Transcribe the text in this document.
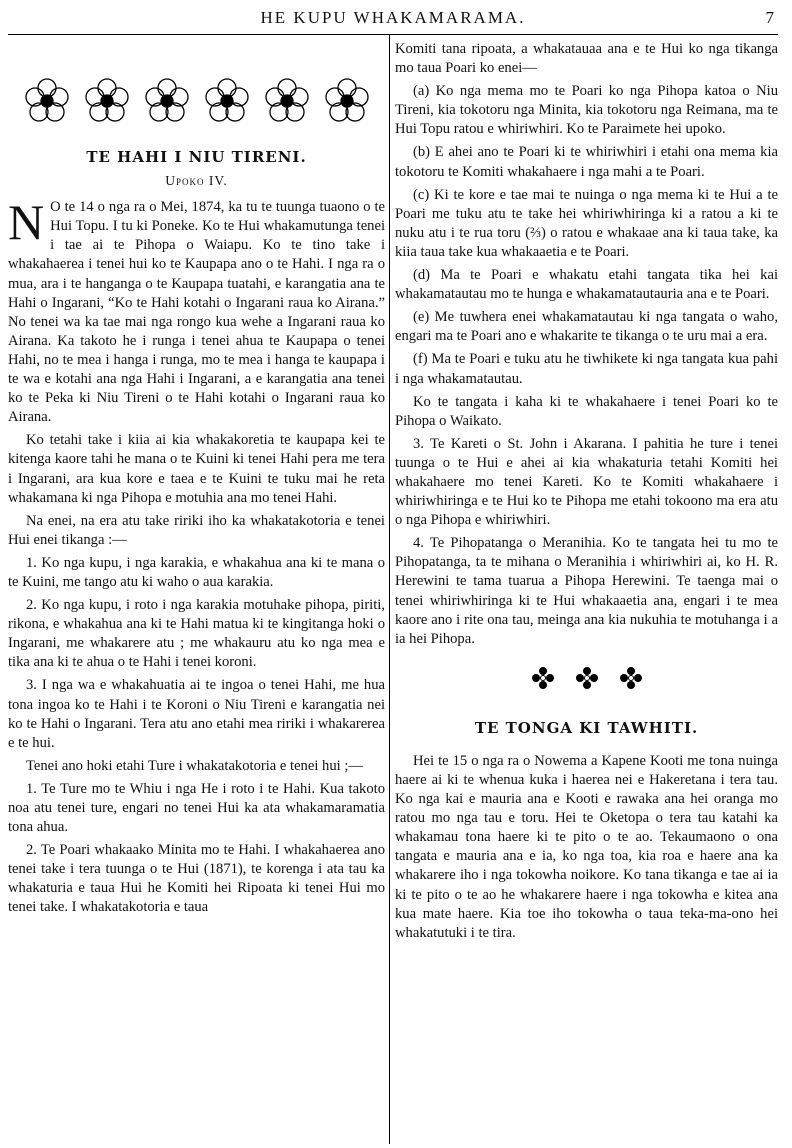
HE KUPU WHAKAMARAMA.	7
TE HAHI I NIU TIRENI.
Upoko IV.

N O te 14 o nga ra o Mei, 1874, ka tu te tuunga tuaono o te Hui Topu. I tu ki Poneke. Ko te Hui whakamutunga tenei i tae ai te Pihopa o Waiapu. Ko te tino take i whakahaerea i tenei hui ko te Kaupapa ano o te Hahi. I nga ra o mua, ara i te hanganga o te Kaupapa tuatahi, e karangatia ana te Hahi o Ingarani, “Ko te Hahi kotahi o Ingarani raua ko Airana.” No tenei wa ka tae mai nga rongo kua wehe a Ingarani raua ko Airana. Ka takoto he i runga i tenei ahua te Kaupapa o tenei Hahi, no te mea i hanga i runga, mo te mea i hanga te kaupapa i te wa e kotahi ana nga Hahi i Ingarani, a e karangatia ana tenei ko te Peka ki Niu Tireni o te Hahi kotahi o Ingarani raua ko Airana.

Ko tetahi take i kiia ai kia whakakoretia te kaupapa kei te kitenga kaore tahi he mana o te Kuini ki tenei Hahi pera me tera i Ingarani, ara kua kore e taea e te Kuini te tuku mai he reta whakamana ki nga Pihopa e motuhia ana mo tenei Hahi.

Na enei, na era atu take ririki iho ka whakatakotoria e tenei Hui enei tikanga :—

1. Ko nga kupu, i nga karakia, e whakahua ana ki te mana o te Kuini, me tango atu ki waho o aua karakia.

2. Ko nga kupu, i roto i nga karakia motuhake pihopa, piriti, rikona, e whakahua ana ki te Hahi matua ki te kingitanga hoki o Ingarani, me whakarere atu ; me whakauru atu ko nga mea e tika ana ki te ahua o te Hahi i tenei koroni.

3. I nga wa e whakahuatia ai te ingoa o tenei Hahi, me hua tona ingoa ko te Hahi i te Koroni o Niu Tireni e karangatia nei ko te Hahi o Ingarani. Tera atu ano etahi mea ririki i whakarerea e te hui.

Tenei ano hoki etahi Ture i whakatakotoria e tenei hui ;—

1. Te Ture mo te Whiu i nga He i roto i te Hahi. Kua takoto noa atu tenei ture, engari no tenei Hui ka ata whakamaramatia tona ahua.

2. Te Poari whakaako Minita mo te Hahi. I whakahaerea ano tenei take i tera tuunga o te Hui (1871), te korenga i ata tau ka whakaturia e taua Hui he Komiti hei Ripoata ki tenei Hui mo tenei take. I whakatakotoria e taua

Komiti tana ripoata, a whakatauaa ana e te Hui ko nga tikanga mo taua Poari ko enei—

(a) Ko nga mema mo te Poari ko nga Pihopa katoa o Niu Tireni, kia tokotoru nga Minita, kia tokotoru nga Reimana, ma te Hui Topu ratou e whiriwhiri. Ko te Paraimete hei upoko.

(b) E ahei ano te Poari ki te whiriwhiri i etahi ona mema kia tokotoru te Komiti whakahaere i nga mahi a te Poari.

(c) Ki te kore e tae mai te nuinga o nga mema ki te Hui a te Poari me tuku atu te take hei whiriwhiringa ki a ratou a ki te nuku atu i te rua toru (⅔) o ratou e whakaae ana ki taua take, ka kiia taua take kua whakaaetia e te Poari.

(d) Ma te Poari e whakatu etahi tangata tika hei kai whakamatautau mo te hunga e whakamatautauria ana e te Poari.

(e) Me tuwhera enei whakamatautau ki nga tangata o waho, engari ma te Poari ano e whakarite te tikanga o te uru mai a era.

(f) Ma te Poari e tuku atu he tiwhikete ki nga tangata kua pahi i nga whakamatautau.

Ko te tangata i kaha ki te whakahaere i tenei Poari ko te Pihopa o Waikato.

3. Te Kareti o St. John i Akarana. I pahitia he ture i tenei tuunga o te Hui e ahei ai kia whakaturia tetahi Komiti hei whakahaere mo tenei Kareti. Ko te Komiti whakahaere i whiriwhiringa e te Hui ko te Pihopa me etahi tokoono ma era atu o nga Pihopa e whiriwhiri.

4. Te Pihopatanga o Meranihia. Ko te tangata hei tu mo te Pihopatanga, ta te mihana o Meranihia i whiriwhiri ai, ko H. R. Herewini te tama tuarua a Pihopa Herewini. Te taenga mai o tenei whiriwhiringa ki te Hui whakaaetia ana, engari i te mea kaore ano i rite ona tau, meinga ana kia nukuhia te motuhanga i a ia hei Pihopa.

TE TONGA KI TAWHITI.

Hei te 15 o nga ra o Nowema a Kapene Kooti me tona nuinga haere ai ki te whenua kuka i haerea nei e Hakeretana i tera tau. Ko nga kai e mauria ana e Kooti e rawaka ana hei oranga mo ratou mo nga tau e toru. Hei te Oketopa o tera tau katahi ka whakamau tona haere ki te pito o te ao. Tekaumaono o ona tangata e mauria ana e ia, ko nga toa, kia roa e haere ana ka whakarere iho i nga tokowha noikore. Ko tana tikanga e tae ai ia ki te pito o te ao he whakarere haere i nga tokowha e kitea ana kua mate haere. Kia toe iho tokowha o taua teka-ma-ono hei whakatutuki i te tira.
